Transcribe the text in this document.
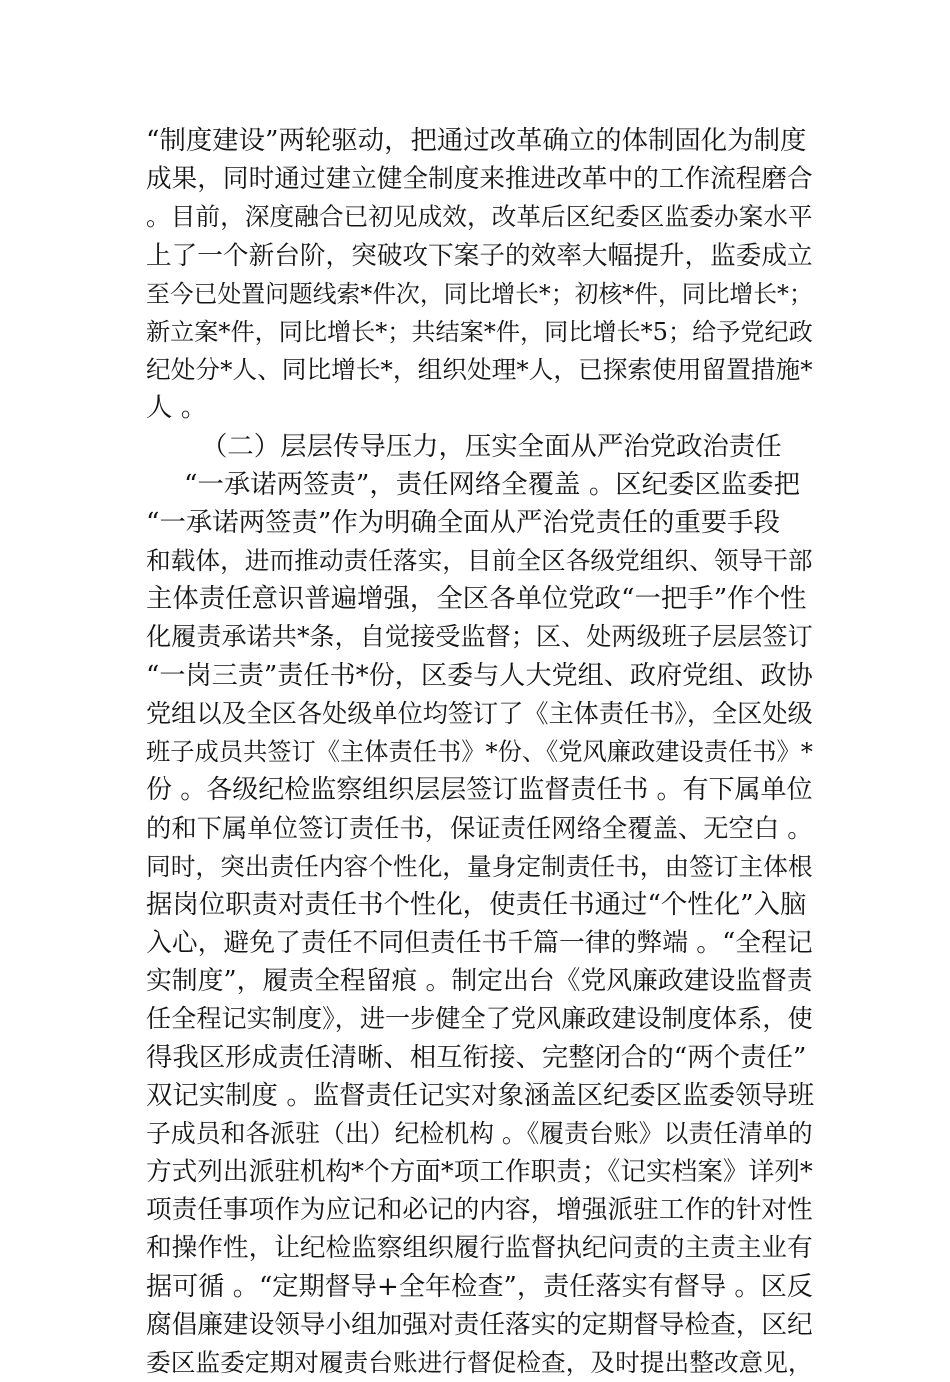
“制度建设”两轮驱动，把通过改革确立的体制固化为制度
成果，同时通过建立健全制度来推进改革中的工作流程磨合
。目前，深度融合已初见成效，改革后区纪委区监委办案水平
上了一个新台阶，突破攻下案子的效率大幅提升，监委成立
至今已处置问题线索*件次，同比增长*；初核*件，同比增长*；
新立案*件，同比增长*；共结案*件，同比增长*5；给予党纪政
纪处分*人、同比增长*，组织处理*人，已探索使用留置措施*
人 。
（二）层层传导压力，压实全面从严治党政治责任
“一承诺两签责”，责任网络全覆盖 。区纪委区监委把
“一承诺两签责”作为明确全面从严治党责任的重要手段
和载体，进而推动责任落实，目前全区各级党组织、领导干部
主体责任意识普遍增强，全区各单位党政“一把手”作个性
化履责承诺共*条，自觉接受监督；区、处两级班子层层签订
“一岗三责”责任书*份，区委与人大党组、政府党组、政协
党组以及全区各处级单位均签订了《主体责任书》，全区处级
班子成员共签订《主体责任书》*份、《党风廉政建设责任书》*
份 。各级纪检监察组织层层签订监督责任书 。有下属单位
的和下属单位签订责任书，保证责任网络全覆盖、无空白 。
同时，突出责任内容个性化，量身定制责任书，由签订主体根
据岗位职责对责任书个性化，使责任书通过“个性化”入脑
入心，避免了责任不同但责任书千篇一律的弊端 。“全程记
实制度”，履责全程留痕 。制定出台《党风廉政建设监督责
任全程记实制度》，进一步健全了党风廉政建设制度体系，使
得我区形成责任清晰、相互衔接、完整闭合的“两个责任”
双记实制度 。监督责任记实对象涵盖区纪委区监委领导班
子成员和各派驻（出）纪检机构 。《履责台账》以责任清单的
方式列出派驻机构*个方面*项工作职责；《记实档案》详列*
项责任事项作为应记和必记的内容，增强派驻工作的针对性
和操作性，让纪检监察组织履行监督执纪问责的主责主业有
据可循 。“定期督导+全年检查”，责任落实有督导 。区反
腐倡廉建设领导小组加强对责任落实的定期督导检查，区纪
委区监委定期对履责台账进行督促检查，及时提出整改意见，
